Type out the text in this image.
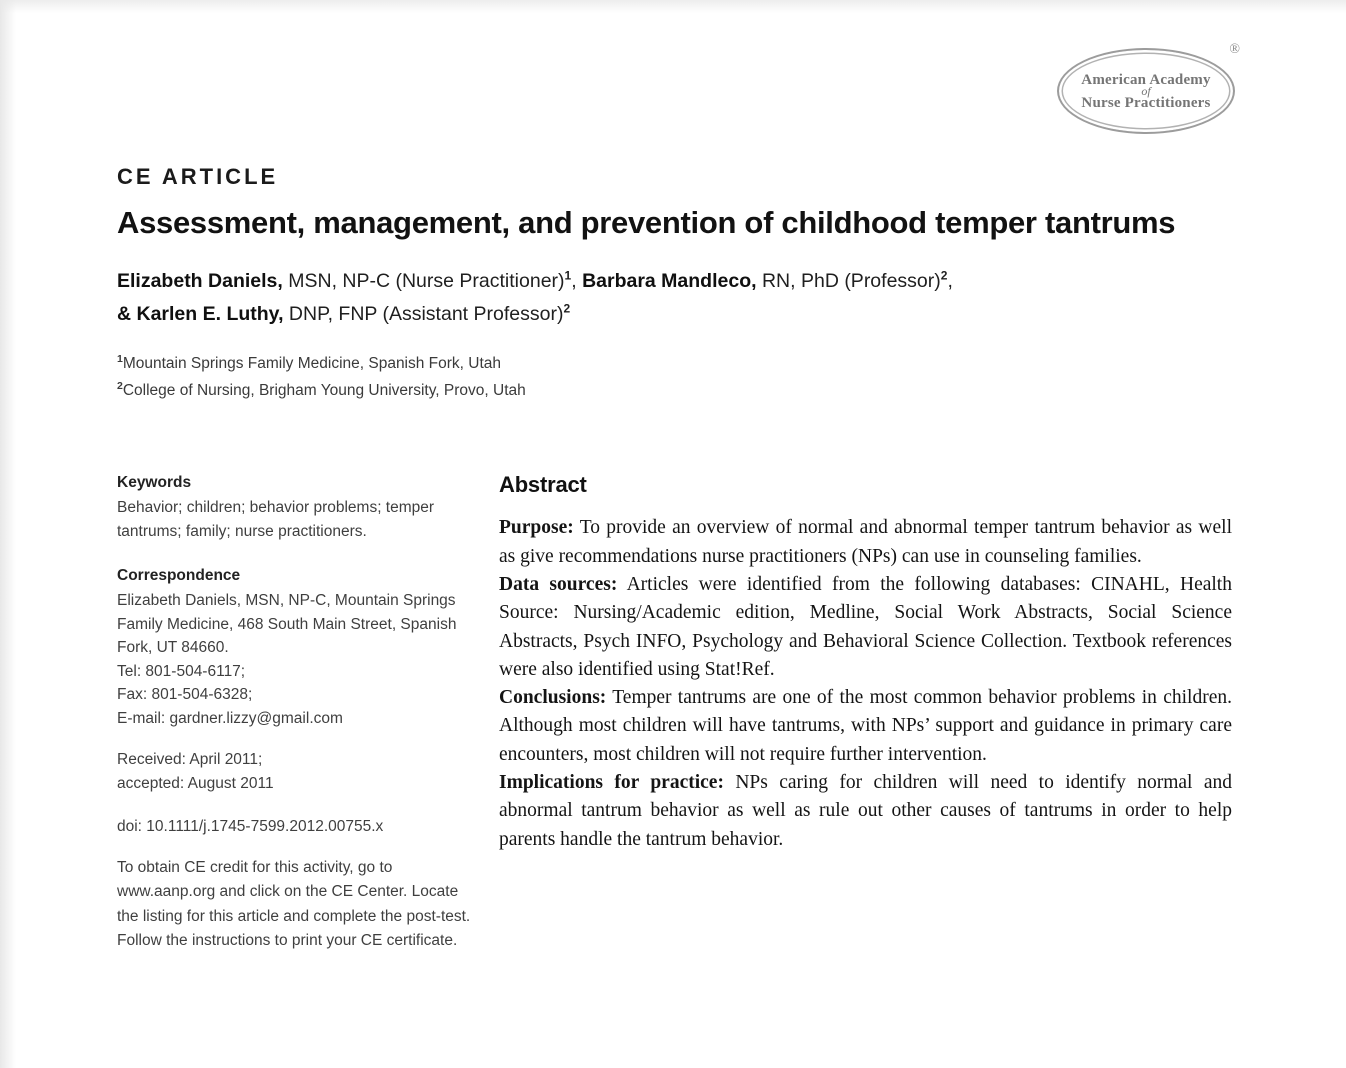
®
American Academy
of
Nurse Practitioners
CE ARTICLE
Assessment, management, and prevention of childhood temper tantrums

Elizabeth Daniels, MSN, NP-C (Nurse Practitioner)$^1$, Barbara Mandleco, RN, PhD (Professor)$^2$,
& Karlen E. Luthy, DNP, FNP (Assistant Professor)$^2$

$^1$Mountain Springs Family Medicine, Spanish Fork, Utah
$^2$College of Nursing, Brigham Young University, Provo, Utah

Keywords

Behavior; children; behavior problems; temper tantrums; family; nurse practitioners.

Correspondence

Elizabeth Daniels, MSN, NP-C, Mountain Springs Family Medicine, 468 South Main Street, Spanish Fork, UT 84660.

Tel: 801-504-6117;
Fax: 801-504-6328;
E-mail: gardner.lizzy@gmail.com
Received: April 2011;
accepted: August 2011
doi: 10.1111/j.1745-7599.2012.00755.x
To obtain CE credit for this activity, go to www.aanp.org and click on the CE Center. Locate the listing for this article and complete the post-test. Follow the instructions to print your CE certificate.
Abstract

Purpose: To provide an overview of normal and abnormal temper tantrum behavior as well as give recommendations nurse practitioners (NPs) can use in counseling families.

Data sources: Articles were identified from the following databases: CINAHL, Health Source: Nursing/Academic edition, Medline, Social Work Abstracts, Social Science Abstracts, Psych INFO, Psychology and Behavioral Science Collection. Textbook references were also identified using Stat!Ref.

Conclusions: Temper tantrums are one of the most common behavior problems in children. Although most children will have tantrums, with NPs’ support and guidance in primary care encounters, most children will not require further intervention.

Implications for practice: NPs caring for children will need to identify normal and abnormal tantrum behavior as well as rule out other causes of tantrums in order to help parents handle the tantrum behavior.
